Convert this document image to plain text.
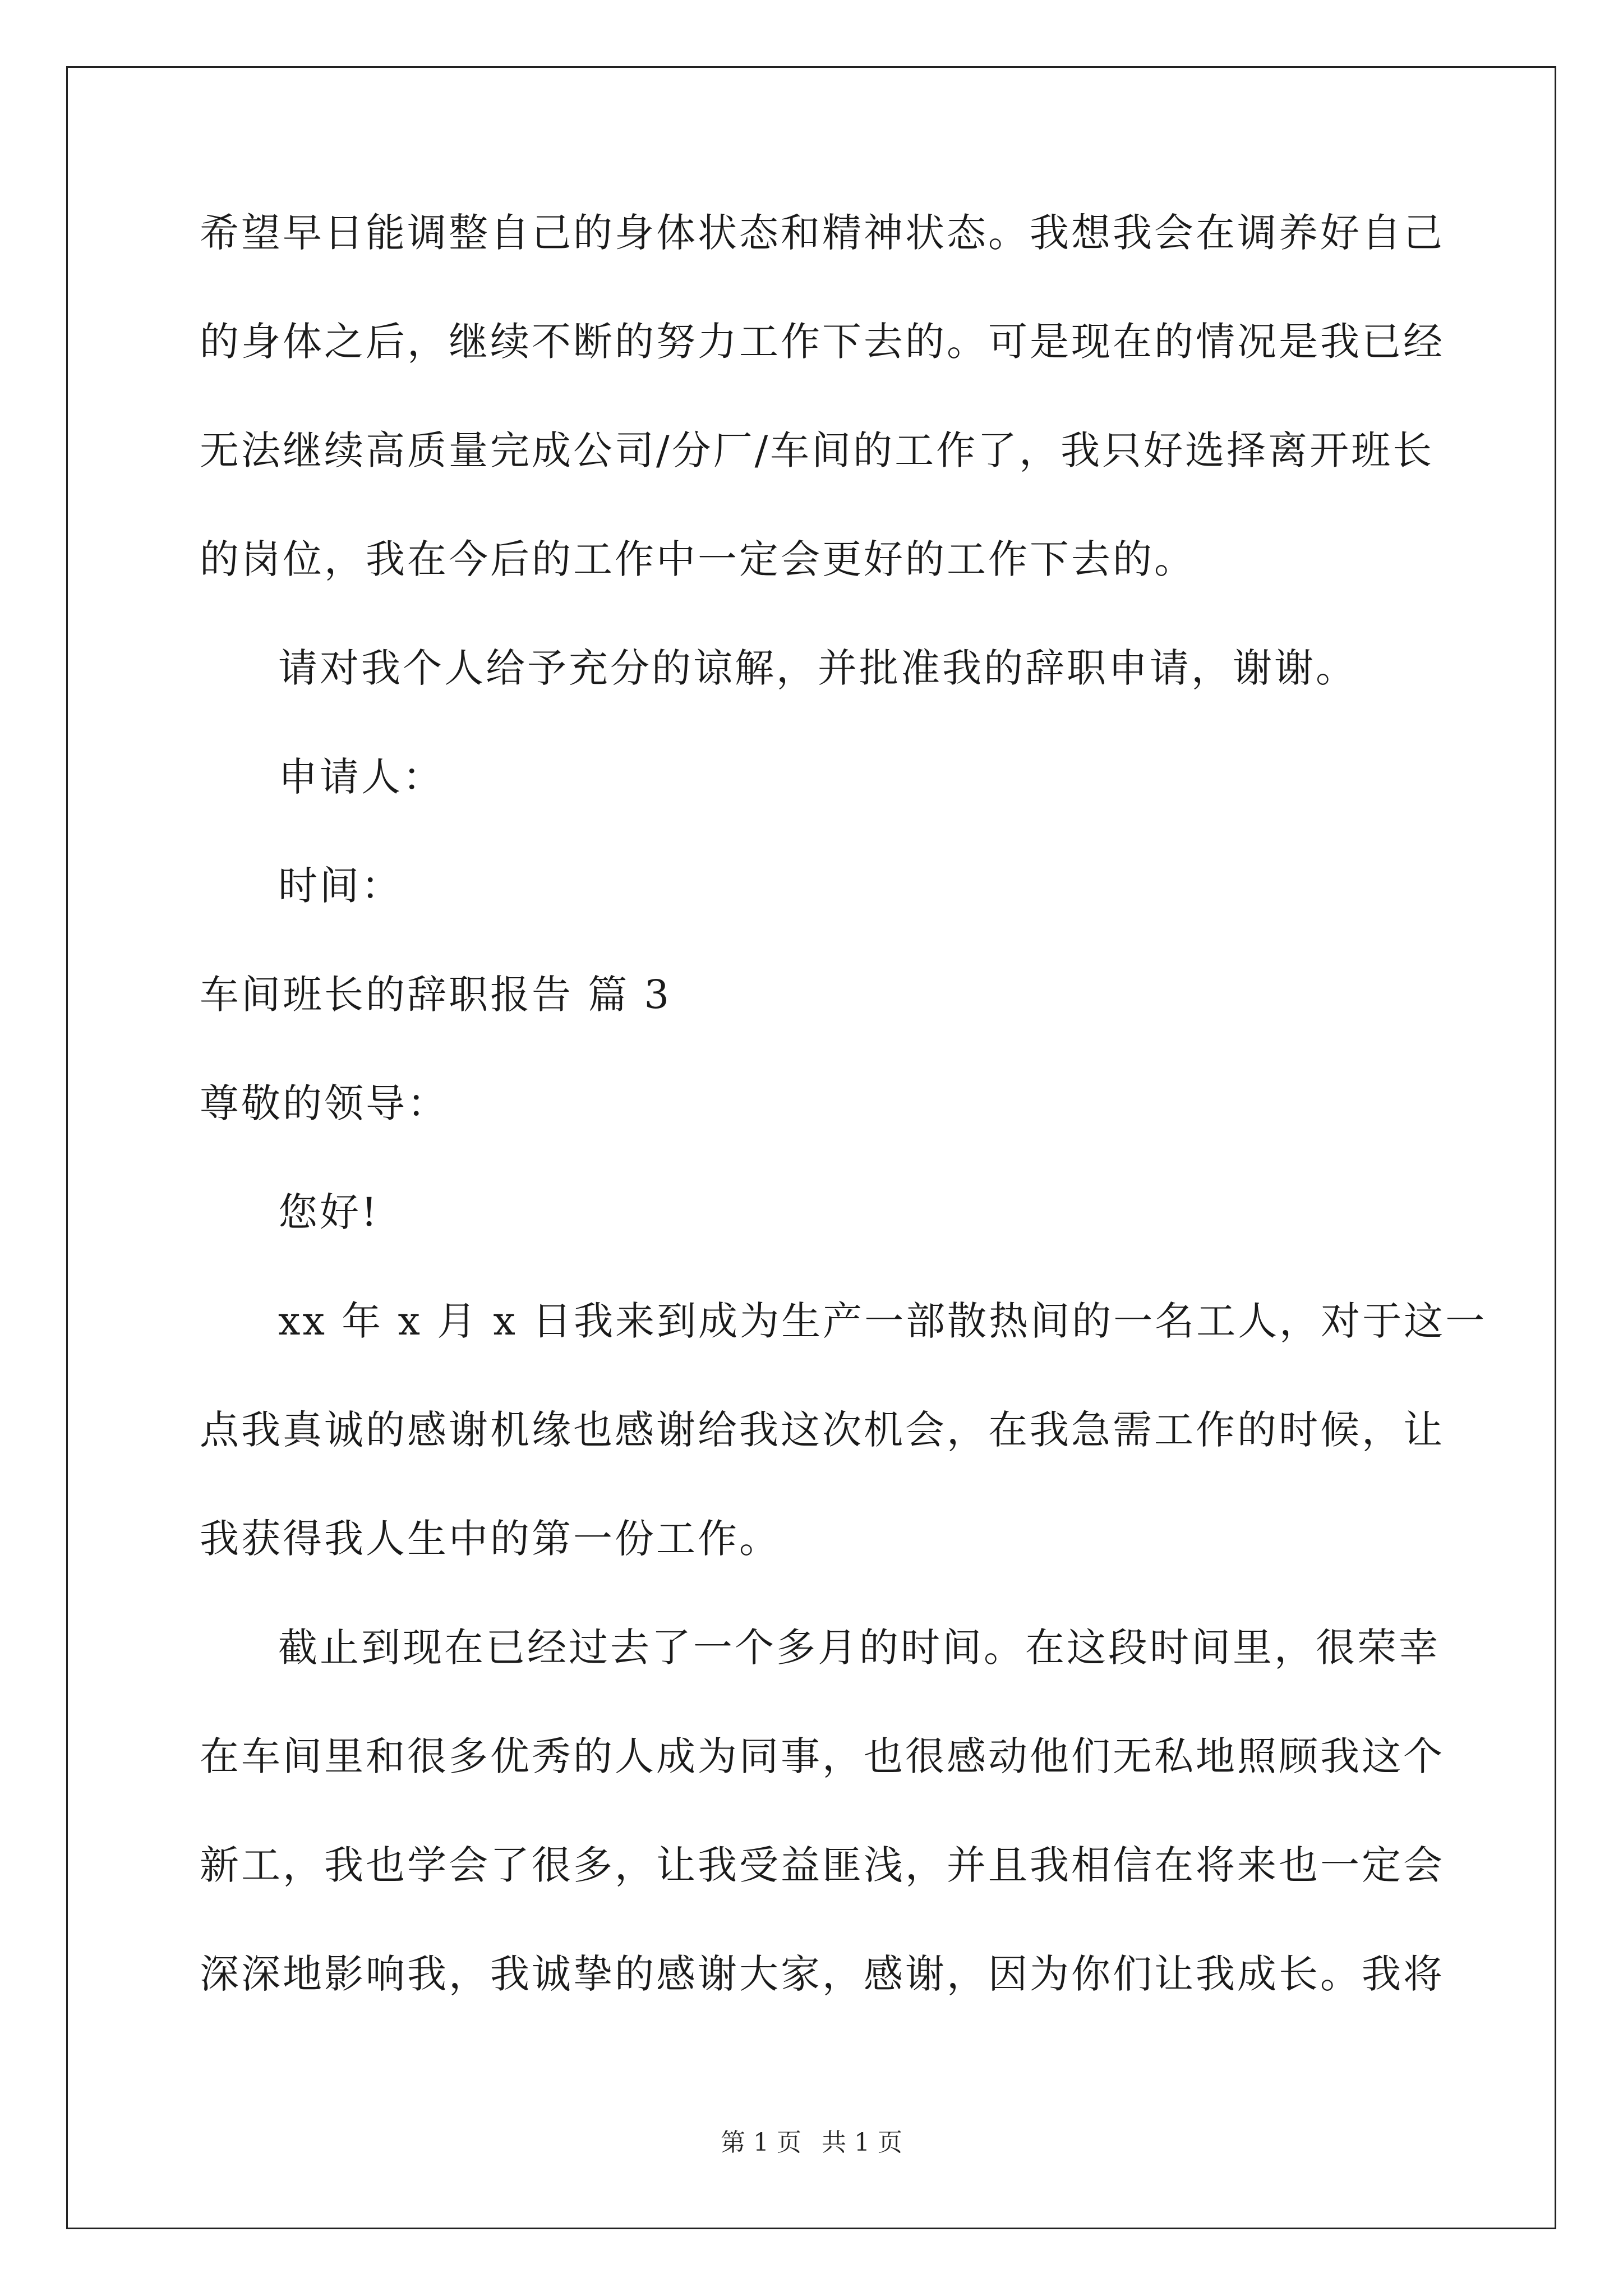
希望早日能调整自己的身体状态和精神状态。我想我会在调养好自己
的身体之后，继续不断的努力工作下去的。可是现在的情况是我已经
无法继续高质量完成公司/分厂/车间的工作了，我只好选择离开班长
的岗位，我在今后的工作中一定会更好的工作下去的。
请对我个人给予充分的谅解，并批准我的辞职申请，谢谢。
申请人：
时间：
车间班长的辞职报告 篇 3
尊敬的领导：
您好!
xx 年 x 月 x 日我来到成为生产一部散热间的一名工人，对于这一
点我真诚的感谢机缘也感谢给我这次机会，在我急需工作的时候，让
我获得我人生中的第一份工作。
截止到现在已经过去了一个多月的时间。在这段时间里，很荣幸
在车间里和很多优秀的人成为同事，也很感动他们无私地照顾我这个
新工，我也学会了很多，让我受益匪浅，并且我相信在将来也一定会
深深地影响我，我诚挚的感谢大家，感谢，因为你们让我成长。我将
第 1 页 共 1 页
